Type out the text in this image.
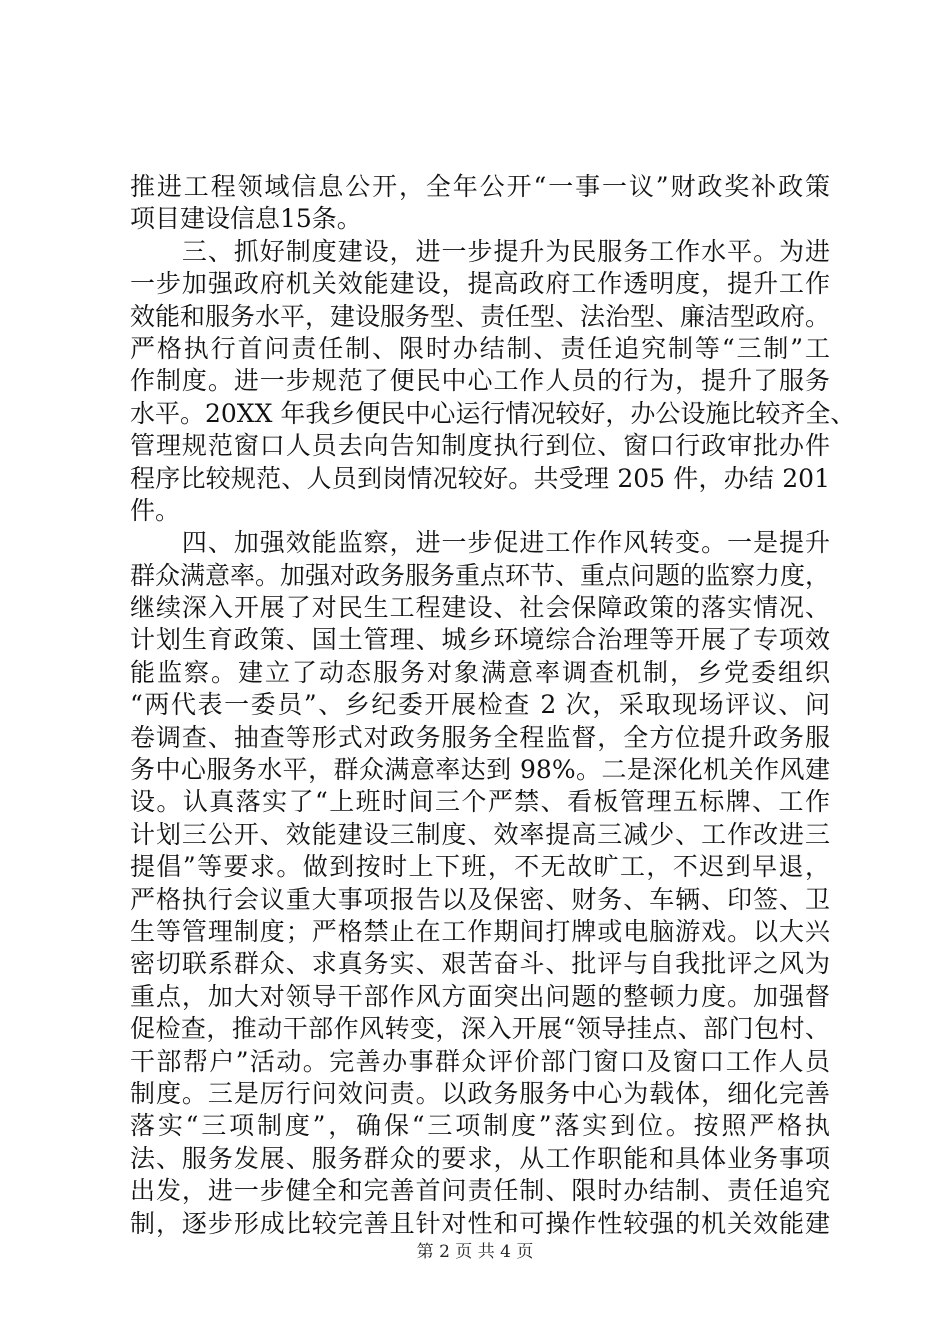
推进工程领域信息公开，全年公开“一事一议”财政奖补政策
项目建设信息15条。
　　三、抓好制度建设，进一步提升为民服务工作水平。为进
一步加强政府机关效能建设，提高政府工作透明度，提升工作
效能和服务水平，建设服务型、责任型、法治型、廉洁型政府。
严格执行首问责任制、限时办结制、责任追究制等“三制”工
作制度。进一步规范了便民中心工作人员的行为，提升了服务
水平。20XX 年我乡便民中心运行情况较好，办公设施比较齐全、
管理规范窗口人员去向告知制度执行到位、窗口行政审批办件
程序比较规范、人员到岗情况较好。共受理 205 件，办结 201
件。
　　四、加强效能监察，进一步促进工作作风转变。一是提升
群众满意率。加强对政务服务重点环节、重点问题的监察力度，
继续深入开展了对民生工程建设、社会保障政策的落实情况、
计划生育政策、国土管理、城乡环境综合治理等开展了专项效
能监察。建立了动态服务对象满意率调查机制，乡党委组织
“两代表一委员”、乡纪委开展检查 2 次，采取现场评议、问
卷调查、抽查等形式对政务服务全程监督，全方位提升政务服
务中心服务水平，群众满意率达到 98%。二是深化机关作风建
设。认真落实了“上班时间三个严禁、看板管理五标牌、工作
计划三公开、效能建设三制度、效率提高三减少、工作改进三
提倡”等要求。做到按时上下班，不无故旷工，不迟到早退，
严格执行会议重大事项报告以及保密、财务、车辆、印签、卫
生等管理制度；严格禁止在工作期间打牌或电脑游戏。以大兴
密切联系群众、求真务实、艰苦奋斗、批评与自我批评之风为
重点，加大对领导干部作风方面突出问题的整顿力度。加强督
促检查，推动干部作风转变，深入开展“领导挂点、部门包村、
干部帮户”活动。完善办事群众评价部门窗口及窗口工作人员
制度。三是厉行问效问责。以政务服务中心为载体，细化完善
落实“三项制度”，确保“三项制度”落实到位。按照严格执
法、服务发展、服务群众的要求，从工作职能和具体业务事项
出发，进一步健全和完善首问责任制、限时办结制、责任追究
制，逐步形成比较完善且针对性和可操作性较强的机关效能建
第 2 页 共 4 页
